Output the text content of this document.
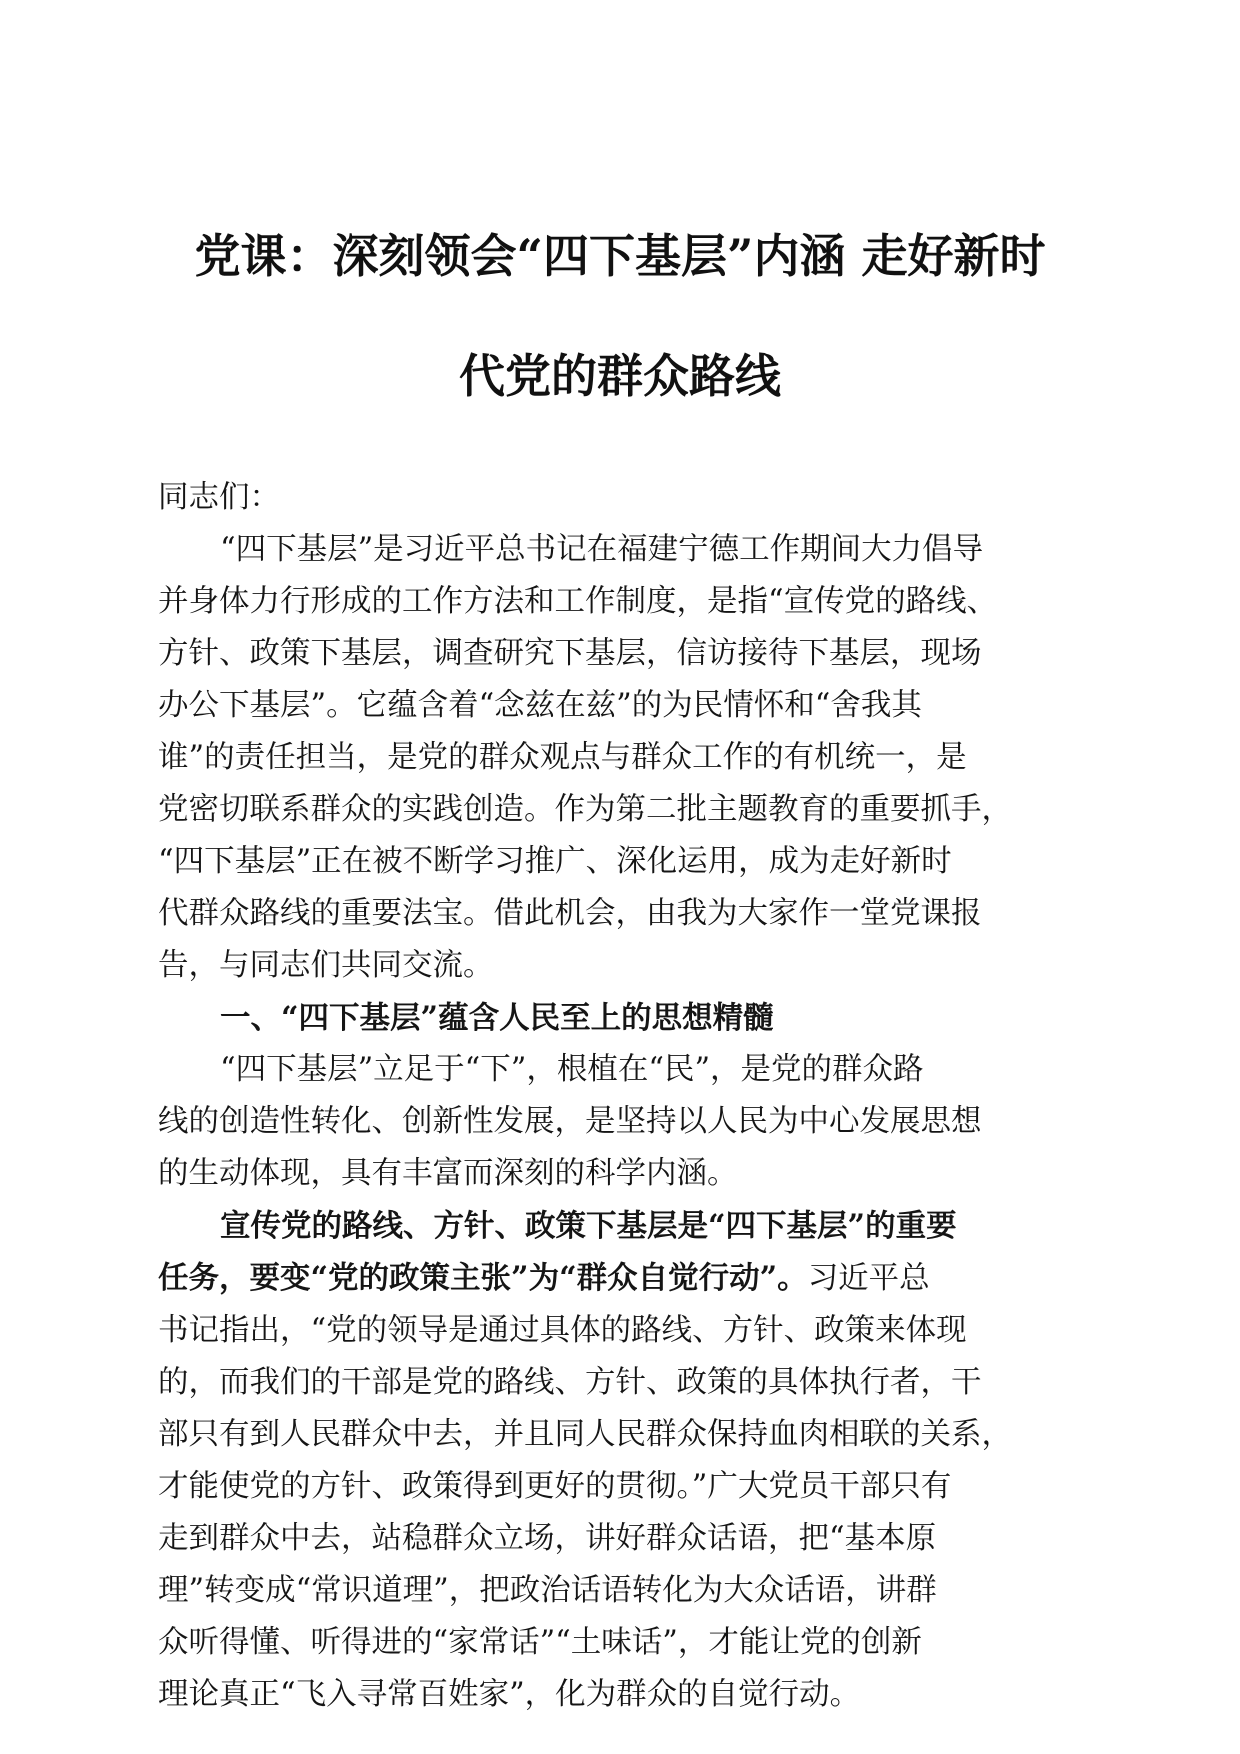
党课：深刻领会“四下基层”内涵 走好新时
代党的群众路线

同志们：

“四下基层”是习近平总书记在福建宁德工作期间大力倡导

并身体力行形成的工作方法和工作制度，是指“宣传党的路线、

方针、政策下基层，调查研究下基层，信访接待下基层，现场

办公下基层”。它蕴含着“念兹在兹”的为民情怀和“舍我其

谁”的责任担当，是党的群众观点与群众工作的有机统一，是

党密切联系群众的实践创造。作为第二批主题教育的重要抓手，

“四下基层”正在被不断学习推广、深化运用，成为走好新时

代群众路线的重要法宝。借此机会，由我为大家作一堂党课报

告，与同志们共同交流。

一、“四下基层”蕴含人民至上的思想精髓

“四下基层”立足于“下”，根植在“民”，是党的群众路

线的创造性转化、创新性发展，是坚持以人民为中心发展思想

的生动体现，具有丰富而深刻的科学内涵。

宣传党的路线、方针、政策下基层是“四下基层”的重要

任务，要变“党的政策主张”为“群众自觉行动”。习近平总

书记指出，“党的领导是通过具体的路线、方针、政策来体现

的，而我们的干部是党的路线、方针、政策的具体执行者，干

部只有到人民群众中去，并且同人民群众保持血肉相联的关系，

才能使党的方针、政策得到更好的贯彻。”广大党员干部只有

走到群众中去，站稳群众立场，讲好群众话语，把“基本原

理”转变成“常识道理”，把政治话语转化为大众话语，讲群

众听得懂、听得进的“家常话”“土味话”，才能让党的创新

理论真正“飞入寻常百姓家”，化为群众的自觉行动。
